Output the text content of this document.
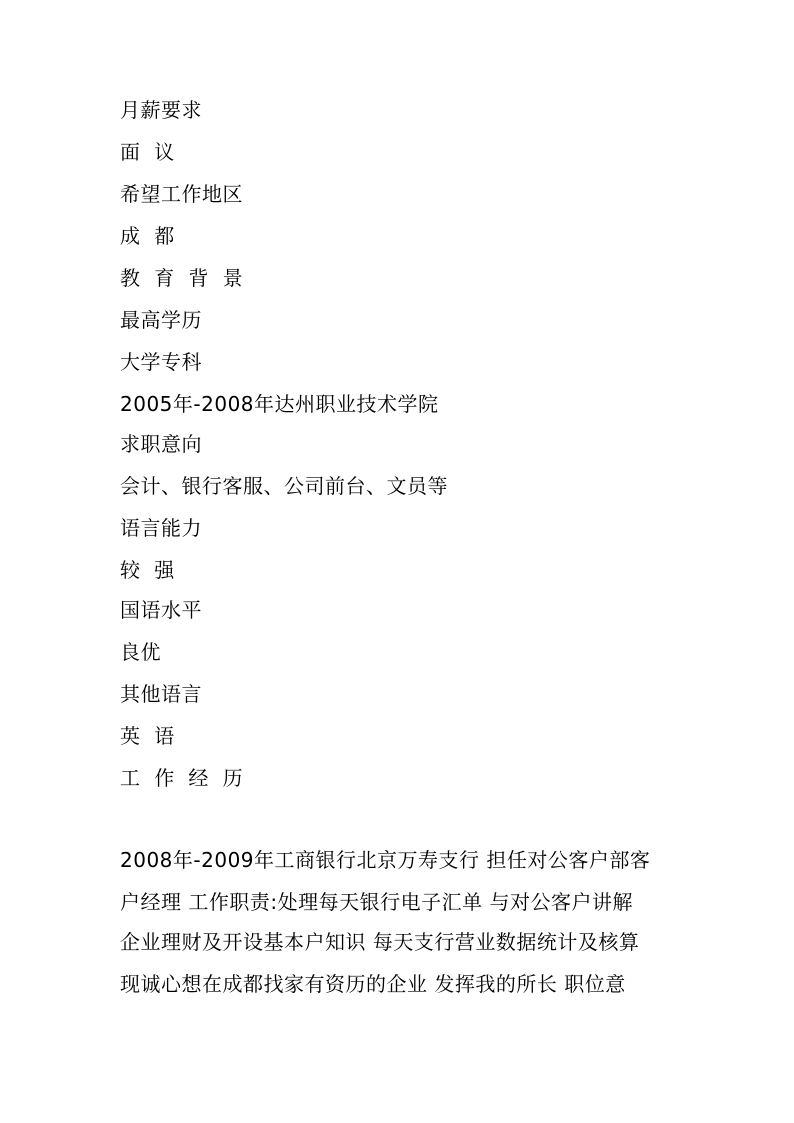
月薪要求
面  议
希望工作地区
成  都
教  育  背  景
最高学历
大学专科
2005年-2008年达州职业技术学院
求职意向
会计、银行客服、公司前台、文员等
语言能力
较  强
国语水平
良优
其他语言
英  语
工  作  经  历
2008年-2009年工商银行北京万寿支行 担任对公客户部客
户经理 工作职责:处理每天银行电子汇单 与对公客户讲解
企业理财及开设基本户知识 每天支行营业数据统计及核算
现诚心想在成都找家有资历的企业 发挥我的所长 职位意
